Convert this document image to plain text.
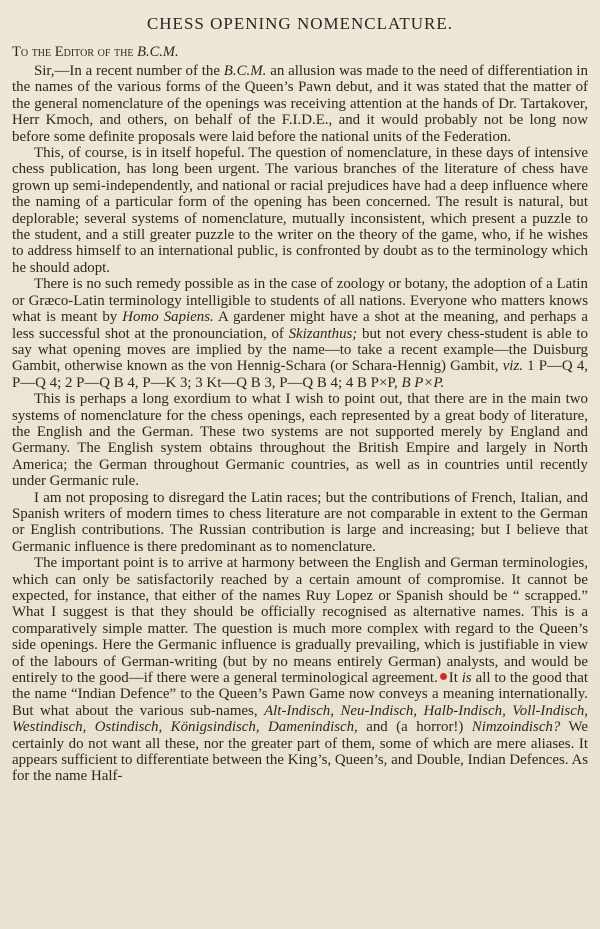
CHESS OPENING NOMENCLATURE.
To the Editor of the B.C.M.

Sir,—In a recent number of the B.C.M. an allusion was made to the need of differentiation in the names of the various forms of the Queen’s Pawn debut, and it was stated that the matter of the general nomenclature of the openings was receiving attention at the hands of Dr. Tartakover, Herr Kmoch, and others, on behalf of the F.I.D.E., and it would probably not be long now before some definite proposals were laid before the national units of the Federation.

This, of course, is in itself hopeful. The question of nomenclature, in these days of intensive chess publication, has long been urgent. The various branches of the literature of chess have grown up semi-independently, and national or racial prejudices have had a deep influence where the naming of a particular form of the opening has been concerned. The result is natural, but deplorable; several systems of nomenclature, mutually inconsistent, which present a puzzle to the student, and a still greater puzzle to the writer on the theory of the game, who, if he wishes to address himself to an international public, is confronted by doubt as to the terminology which he should adopt.

There is no such remedy possible as in the case of zoology or botany, the adoption of a Latin or Græco-Latin terminology intelligible to students of all nations. Everyone who matters knows what is meant by Homo Sapiens. A gardener might have a shot at the meaning, and perhaps a less successful shot at the pronounciation, of Skizanthus; but not every chess-student is able to say what opening moves are implied by the name—to take a recent example—the Duisburg Gambit, otherwise known as the von Hennig-Schara (or Schara-Hennig) Gambit, viz. 1 P—Q 4, P—Q 4; 2 P—Q B 4, P—K 3; 3 Kt—Q B 3, P—Q B 4; 4 B P×P, B P×P.

This is perhaps a long exordium to what I wish to point out, that there are in the main two systems of nomenclature for the chess openings, each represented by a great body of literature, the English and the German. These two systems are not supported merely by England and Germany. The English system obtains throughout the British Empire and largely in North America; the German throughout Germanic countries, as well as in countries until recently under Germanic rule.

I am not proposing to disregard the Latin races; but the contributions of French, Italian, and Spanish writers of modern times to chess literature are not comparable in extent to the German or English contributions. The Russian contribution is large and increasing; but I believe that Germanic influence is there predominant as to nomenclature.

The important point is to arrive at harmony between the English and German terminologies, which can only be satisfactorily reached by a certain amount of compromise. It cannot be expected, for instance, that either of the names Ruy Lopez or Spanish should be “ scrapped.” What I suggest is that they should be officially recognised as alternative names. This is a comparatively simple matter. The question is much more complex with regard to the Queen’s side openings. Here the Germanic influence is gradually prevailing, which is justifiable in view of the labours of German-writing (but by no means entirely German) analysts, and would be entirely to the good—if there were a general terminological agreement. It is all to the good that the name “Indian Defence” to the Queen’s Pawn Game now conveys a meaning internationally. But what about the various sub-names, Alt-Indisch, Neu-Indisch, Halb-Indisch, Voll-Indisch, Westindisch, Ostindisch, Königsindisch, Damenindisch, and (a horror!) Nimzoindisch? We certainly do not want all these, nor the greater part of them, some of which are mere aliases. It appears sufficient to differentiate between the King’s, Queen’s, and Double, Indian Defences. As for the name Half-
